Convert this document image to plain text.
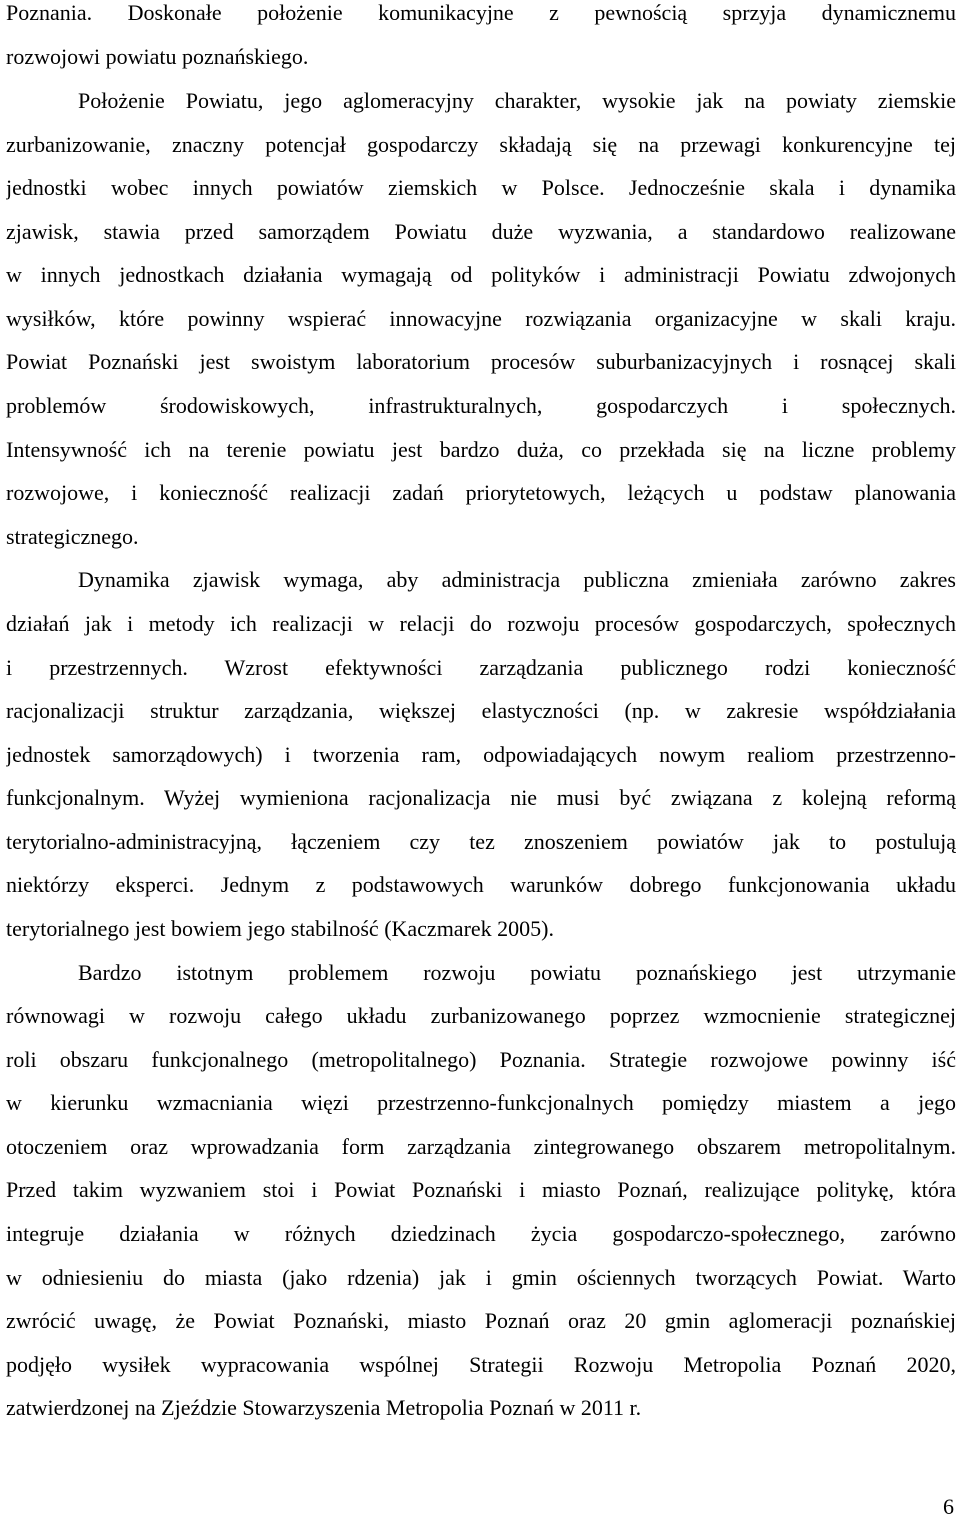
Poznania. Doskonałe położenie komunikacyjne z pewnością sprzyja dynamicznemu
rozwojowi powiatu poznańskiego.
Położenie Powiatu, jego aglomeracyjny charakter, wysokie jak na powiaty ziemskie
zurbanizowanie, znaczny potencjał gospodarczy składają się na przewagi konkurencyjne tej
jednostki wobec innych powiatów ziemskich w Polsce. Jednocześnie skala i dynamika
zjawisk, stawia przed samorządem Powiatu duże wyzwania, a standardowo realizowane
w innych jednostkach działania wymagają od polityków i administracji Powiatu zdwojonych
wysiłków, które powinny wspierać innowacyjne rozwiązania organizacyjne w skali kraju.
Powiat Poznański jest swoistym laboratorium procesów suburbanizacyjnych i rosnącej skali
problemów środowiskowych, infrastrukturalnych, gospodarczych i społecznych.
Intensywność ich na terenie powiatu jest bardzo duża, co przekłada się na liczne problemy
rozwojowe, i konieczność realizacji zadań priorytetowych, leżących u podstaw planowania
strategicznego.
Dynamika zjawisk wymaga, aby administracja publiczna zmieniała zarówno zakres
działań jak i metody ich realizacji w relacji do rozwoju procesów gospodarczych, społecznych
i przestrzennych. Wzrost efektywności zarządzania publicznego rodzi konieczność
racjonalizacji struktur zarządzania, większej elastyczności (np. w zakresie współdziałania
jednostek samorządowych) i tworzenia ram, odpowiadających nowym realiom przestrzenno-
funkcjonalnym. Wyżej wymieniona racjonalizacja nie musi być związana z kolejną reformą
terytorialno-administracyjną, łączeniem czy tez znoszeniem powiatów jak to postulują
niektórzy eksperci. Jednym z podstawowych warunków dobrego funkcjonowania układu
terytorialnego jest bowiem jego stabilność (Kaczmarek 2005).
Bardzo istotnym problemem rozwoju powiatu poznańskiego jest utrzymanie
równowagi w rozwoju całego układu zurbanizowanego poprzez wzmocnienie strategicznej
roli obszaru funkcjonalnego (metropolitalnego) Poznania. Strategie rozwojowe powinny iść
w kierunku wzmacniania więzi przestrzenno-funkcjonalnych pomiędzy miastem a jego
otoczeniem oraz wprowadzania form zarządzania zintegrowanego obszarem metropolitalnym.
Przed takim wyzwaniem stoi i Powiat Poznański i miasto Poznań, realizujące politykę, która
integruje działania w różnych dziedzinach życia gospodarczo-społecznego, zarówno
w odniesieniu do miasta (jako rdzenia) jak i gmin ościennych tworzących Powiat. Warto
zwrócić uwagę, że Powiat Poznański, miasto Poznań oraz 20 gmin aglomeracji poznańskiej
podjęło wysiłek wypracowania wspólnej Strategii Rozwoju Metropolia Poznań 2020,
zatwierdzonej na Zjeździe Stowarzyszenia Metropolia Poznań w 2011 r.
6
